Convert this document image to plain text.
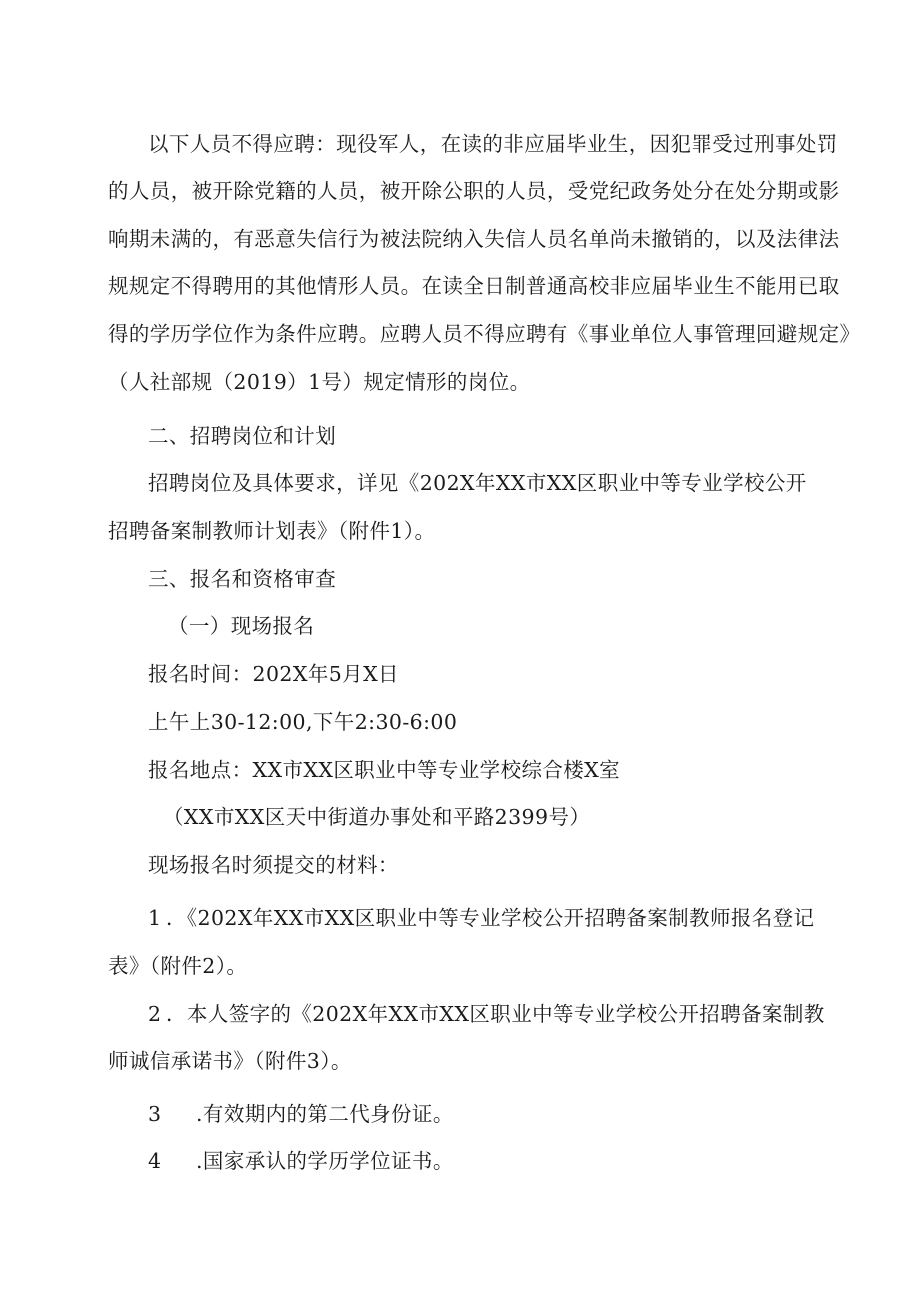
以下人员不得应聘：现役军人，在读的非应届毕业生，因犯罪受过刑事处罚
的人员，被开除党籍的人员，被开除公职的人员，受党纪政务处分在处分期或影
响期未满的，有恶意失信行为被法院纳入失信人员名单尚未撤销的，以及法律法
规规定不得聘用的其他情形人员。在读全日制普通高校非应届毕业生不能用已取
得的学历学位作为条件应聘。应聘人员不得应聘有《事业单位人事管理回避规定》
（人社部规（2019）1号）规定情形的岗位。
二、招聘岗位和计划
招聘岗位及具体要求，详见《202X年XX市XX区职业中等专业学校公开
招聘备案制教师计划表》（附件1）。
三、报名和资格审查
（一）现场报名
报名时间：202X年5月X日
上午上30-12:00,下午2:30-6:00
报名地点：XX市XX区职业中等专业学校综合楼X室
（XX市XX区天中街道办事处和平路2399号）
现场报名时须提交的材料：
1 ．《202X年XX市XX区职业中等专业学校公开招聘备案制教师报名登记
表》（附件2）。
2 ．本人签字的《202X年XX市XX区职业中等专业学校公开招聘备案制教
师诚信承诺书》（附件3）。
3 .有效期内的第二代身份证。
4 .国家承认的学历学位证书。
